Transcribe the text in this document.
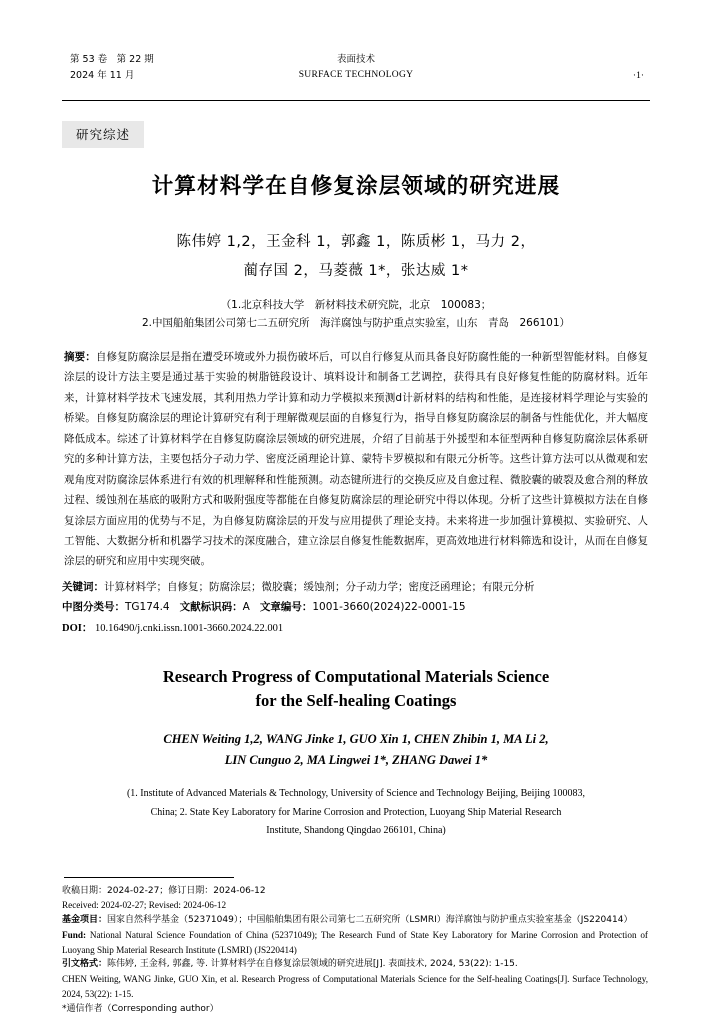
第 53 卷　第 22 期
2024 年 11 月
表面技术
SURFACE TECHNOLOGY	·1·
研究综述
计算材料学在自修复涂层领域的研究进展
陈伟婷 1,2，王金科 1，郭鑫 1，陈质彬 1，马力 2，
蔺存国 2，马菱薇 1*，张达威 1*
（1.北京科技大学　新材料技术研究院，北京　100083；
2.中国船舶集团公司第七二五研究所　海洋腐蚀与防护重点实验室，山东　青岛　266101）
摘要：自修复防腐涂层是指在遭受环境或外力损伤破坏后，可以自行修复从而具备良好防腐性能的一种新型智能材料。自修复涂层的设计方法主要是通过基于实验的树脂链段设计、填料设计和制备工艺调控，获得具有良好修复性能的防腐材料。近年来，计算材料学技术飞速发展，其利用热力学计算和动力学模拟来预测d计新材料的结构和性能，是连接材料学理论与实验的桥梁。自修复防腐涂层的理论计算研究有利于理解微观层面的自修复行为，指导自修复防腐涂层的制备与性能优化，并大幅度降低成本。综述了计算材料学在自修复防腐涂层领域的研究进展，介绍了目前基于外援型和本征型两种自修复防腐涂层体系研究的多种计算方法，主要包括分子动力学、密度泛函理论计算、蒙特卡罗模拟和有限元分析等。这些计算方法可以从微观和宏观角度对防腐涂层体系进行有效的机理解释和性能预测。动态键所进行的交换反应及自愈过程、微胶囊的破裂及愈合剂的释放过程、缓蚀剂在基底的吸附方式和吸附强度等都能在自修复防腐涂层的理论研究中得以体现。分析了这些计算模拟方法在自修复涂层方面应用的优势与不足，为自修复防腐涂层的开发与应用提供了理论支持。未来将进一步加强计算模拟、实验研究、人工智能、大数据分析和机器学习技术的深度融合，建立涂层自修复性能数据库，更高效地进行材料筛选和设计，从而在自修复涂层的研究和应用中实现突破。
关键词：计算材料学；自修复；防腐涂层；微胶囊；缓蚀剂；分子动力学；密度泛函理论；有限元分析
中图分类号：TG174.4 文献标识码：A 文章编号：1001-3660(2024)22-0001-15
DOI： 10.16490/j.cnki.issn.1001-3660.2024.22.001
Research Progress of Computational Materials Science
for the Self-healing Coatings
CHEN Weiting 1,2, WANG Jinke 1, GUO Xin 1, CHEN Zhibin 1, MA Li 2,
LIN Cunguo 2, MA Lingwei 1*, ZHANG Dawei 1*
(1. Institute of Advanced Materials & Technology, University of Science and Technology Beijing, Beijing 100083,
China; 2. State Key Laboratory for Marine Corrosion and Protection, Luoyang Ship Material Research
Institute, Shandong Qingdao 266101, China)

收稿日期：2024-02-27；修订日期：2024-06-12

Received: 2024-02-27; Revised: 2024-06-12

基金项目：国家自然科学基金（52371049）；中国船舶集团有限公司第七二五研究所（LSMRI）海洋腐蚀与防护重点实验室基金（JS220414）

Fund: National Natural Science Foundation of China (52371049); The Research Fund of State Key Laboratory for Marine Corrosion and Protection of Luoyang Ship Material Research Institute (LSMRI) (JS220414)

引文格式：陈伟婷, 王金科, 郭鑫, 等. 计算材料学在自修复涂层领域的研究进展[J]. 表面技术, 2024, 53(22): 1-15.

CHEN Weiting, WANG Jinke, GUO Xin, et al. Research Progress of Computational Materials Science for the Self-healing Coatings[J]. Surface Technology, 2024, 53(22): 1-15.

*通信作者（Corresponding author）
